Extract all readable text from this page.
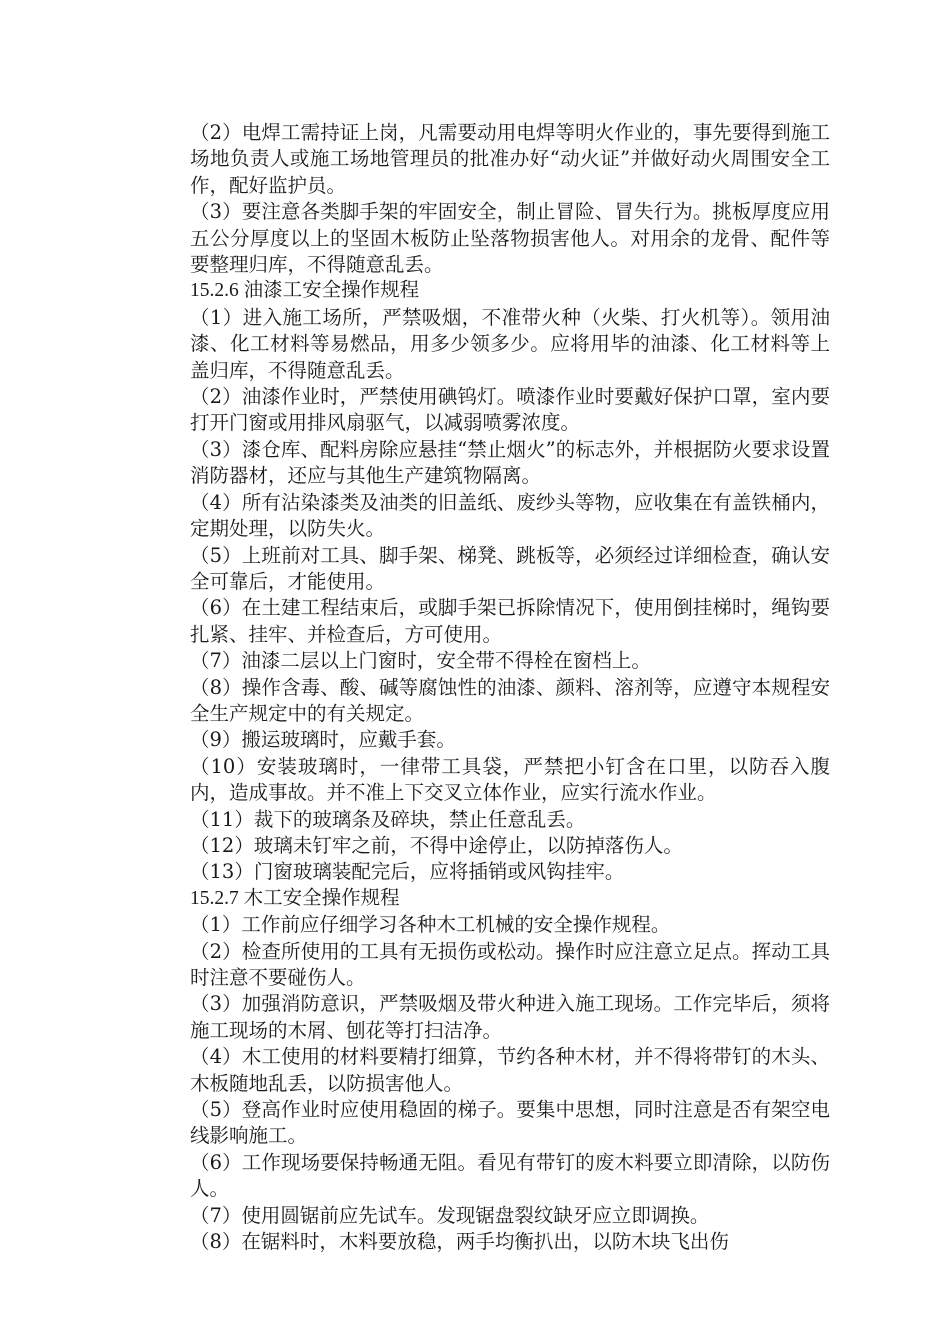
（2）电焊工需持证上岗，凡需要动用电焊等明火作业的，事先要得到施工场地负责人或施工场地管理员的批准办好“动火证”并做好动火周围安全工作，配好监护员。

（3）要注意各类脚手架的牢固安全，制止冒险、冒失行为。挑板厚度应用五公分厚度以上的坚固木板防止坠落物损害他人。对用余的龙骨、配件等要整理归库，不得随意乱丢。

15.2.6 油漆工安全操作规程

（1）进入施工场所，严禁吸烟，不准带火种（火柴、打火机等）。领用油漆、化工材料等易燃品，用多少领多少。应将用毕的油漆、化工材料等上盖归库，不得随意乱丢。

（2）油漆作业时，严禁使用碘钨灯。喷漆作业时要戴好保护口罩，室内要打开门窗或用排风扇驱气，以减弱喷雾浓度。

（3）漆仓库、配料房除应悬挂“禁止烟火”的标志外，并根据防火要求设置消防器材，还应与其他生产建筑物隔离。

（4）所有沾染漆类及油类的旧盖纸、废纱头等物，应收集在有盖铁桶内，定期处理，以防失火。

（5）上班前对工具、脚手架、梯凳、跳板等，必须经过详细检查，确认安全可靠后，才能使用。

（6）在土建工程结束后，或脚手架已拆除情况下，使用倒挂梯时，绳钩要扎紧、挂牢、并检查后，方可使用。

（7）油漆二层以上门窗时，安全带不得栓在窗档上。

（8）操作含毒、酸、碱等腐蚀性的油漆、颜料、溶剂等，应遵守本规程安全生产规定中的有关规定。

（9）搬运玻璃时，应戴手套。

（10）安装玻璃时，一律带工具袋，严禁把小钉含在口里，以防吞入腹内，造成事故。并不准上下交叉立体作业，应实行流水作业。

（11）裁下的玻璃条及碎块，禁止任意乱丢。

（12）玻璃未钉牢之前，不得中途停止，以防掉落伤人。

（13）门窗玻璃装配完后，应将插销或风钩挂牢。

15.2.7 木工安全操作规程

（1）工作前应仔细学习各种木工机械的安全操作规程。

（2）检查所使用的工具有无损伤或松动。操作时应注意立足点。挥动工具时注意不要碰伤人。

（3）加强消防意识，严禁吸烟及带火种进入施工现场。工作完毕后，须将施工现场的木屑、刨花等打扫洁净。

（4）木工使用的材料要精打细算，节约各种木材，并不得将带钉的木头、木板随地乱丢，以防损害他人。

（5）登高作业时应使用稳固的梯子。要集中思想，同时注意是否有架空电线影响施工。

（6）工作现场要保持畅通无阻。看见有带钉的废木料要立即清除，以防伤人。

（7）使用圆锯前应先试车。发现锯盘裂纹缺牙应立即调换。

（8）在锯料时，木料要放稳，两手均衡扒出，以防木块飞出伤
